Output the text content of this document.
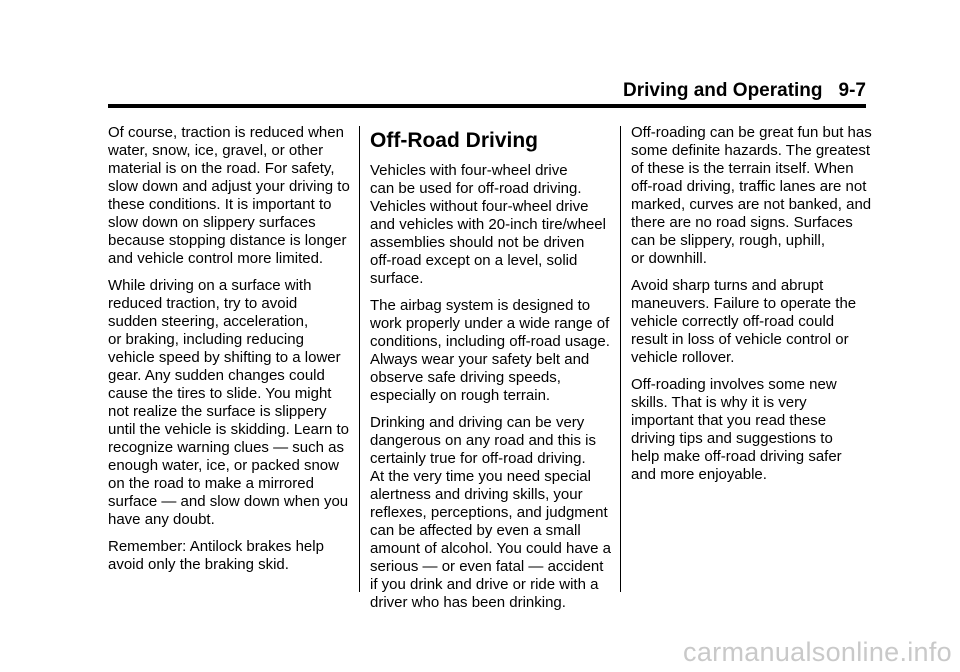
Driving and Operating 9-7

Of course, traction is reduced when
water, snow, ice, gravel, or other
material is on the road. For safety,
slow down and adjust your driving to
these conditions. It is important to
slow down on slippery surfaces
because stopping distance is longer
and vehicle control more limited.

While driving on a surface with
reduced traction, try to avoid
sudden steering, acceleration,
or braking, including reducing
vehicle speed by shifting to a lower
gear. Any sudden changes could
cause the tires to slide. You might
not realize the surface is slippery
until the vehicle is skidding. Learn to
recognize warning clues — such as
enough water, ice, or packed snow
on the road to make a mirrored
surface — and slow down when you
have any doubt.

Remember: Antilock brakes help
avoid only the braking skid.

Off-Road Driving

Vehicles with four-wheel drive
can be used for off-road driving.
Vehicles without four-wheel drive
and vehicles with 20-inch tire/wheel
assemblies should not be driven
off-road except on a level, solid
surface.

The airbag system is designed to
work properly under a wide range of
conditions, including off-road usage.
Always wear your safety belt and
observe safe driving speeds,
especially on rough terrain.

Drinking and driving can be very
dangerous on any road and this is
certainly true for off-road driving.
At the very time you need special
alertness and driving skills, your
reflexes, perceptions, and judgment
can be affected by even a small
amount of alcohol. You could have a
serious — or even fatal — accident
if you drink and drive or ride with a
driver who has been drinking.

Off-roading can be great fun but has
some definite hazards. The greatest
of these is the terrain itself. When
off-road driving, traffic lanes are not
marked, curves are not banked, and
there are no road signs. Surfaces
can be slippery, rough, uphill,
or downhill.

Avoid sharp turns and abrupt
maneuvers. Failure to operate the
vehicle correctly off-road could
result in loss of vehicle control or
vehicle rollover.

Off-roading involves some new
skills. That is why it is very
important that you read these
driving tips and suggestions to
help make off-road driving safer
and more enjoyable.

carmanualsonline.info
